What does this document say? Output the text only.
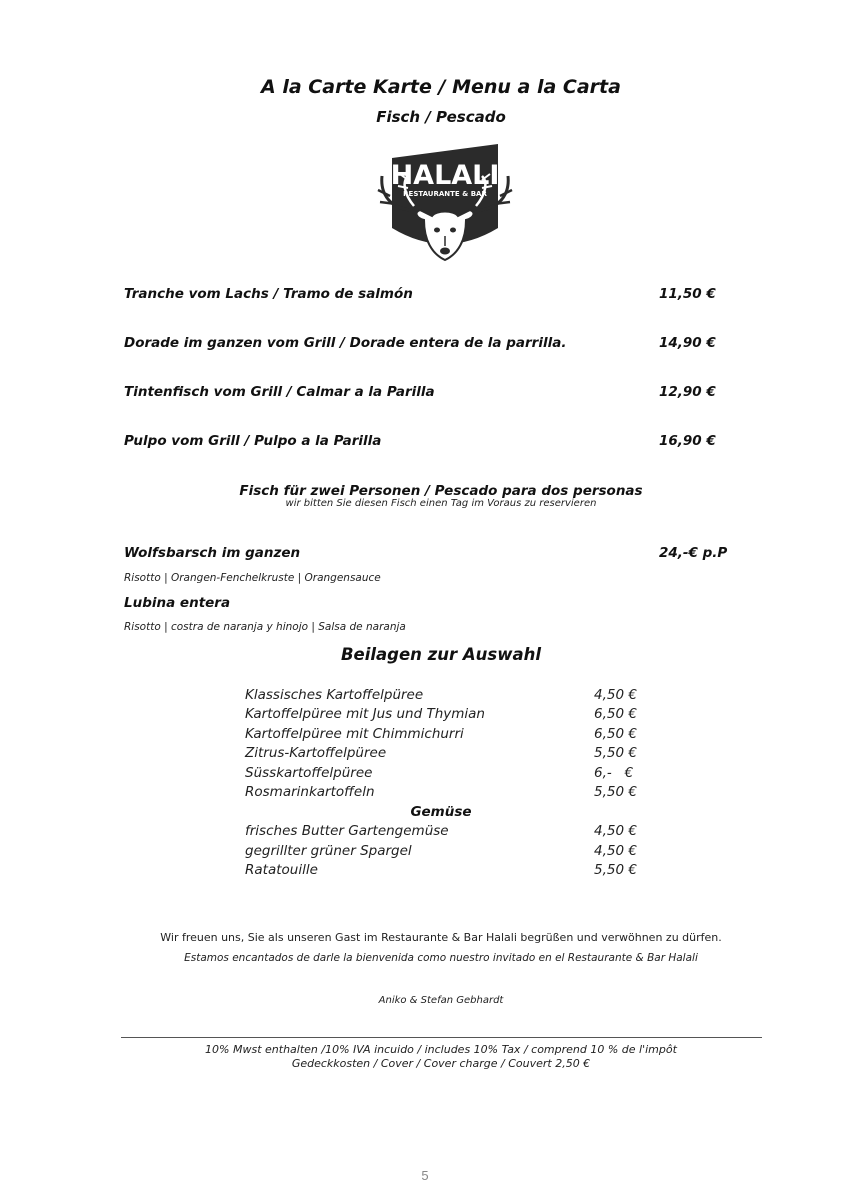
A la Carte Karte / Menu a la Carta
Fisch / Pescado
HALALI
RESTAURANTE & BAR
Tranche vom Lachs / Tramo de salmón	11,50 €
Dorade im ganzen vom Grill / Dorade entera de la parrilla.	14,90 €
Tintenfisch vom Grill / Calmar a la Parilla	12,90 €
Pulpo vom Grill / Pulpo a la Parilla	16,90 €
Fisch für zwei Personen / Pescado para dos personas
wir bitten Sie diesen Fisch einen Tag im Voraus zu reservieren
Wolfsbarsch im ganzen	24,-€ p.P
Risotto | Orangen-Fenchelkruste | Orangensauce
Lubina entera
Risotto | costra de naranja y hinojo | Salsa de naranja
Beilagen zur Auswahl
Klassisches Kartoffelpüree	4,50 €
Kartoffelpüree mit Jus und Thymian	6,50 €
Kartoffelpüree mit Chimmichurri	6,50 €
Zitrus-Kartoffelpüree	5,50 €
Süsskartoffelpüree	6,-   €
Rosmarinkartoffeln	5,50 €
Gemüse
frisches Butter Gartengemüse	4,50 €
gegrillter grüner Spargel	4,50 €
Ratatouille	5,50 €
Wir freuen uns, Sie als unseren Gast im Restaurante & Bar Halali begrüßen und verwöhnen zu dürfen.
Estamos encantados de darle la bienvenida como nuestro invitado en el Restaurante & Bar Halali
Aniko & Stefan Gebhardt
10% Mwst enthalten /10% IVA incuido / includes 10% Tax / comprend 10 % de l'impôt
Gedeckkosten / Cover / Cover charge / Couvert 2,50 €
5
